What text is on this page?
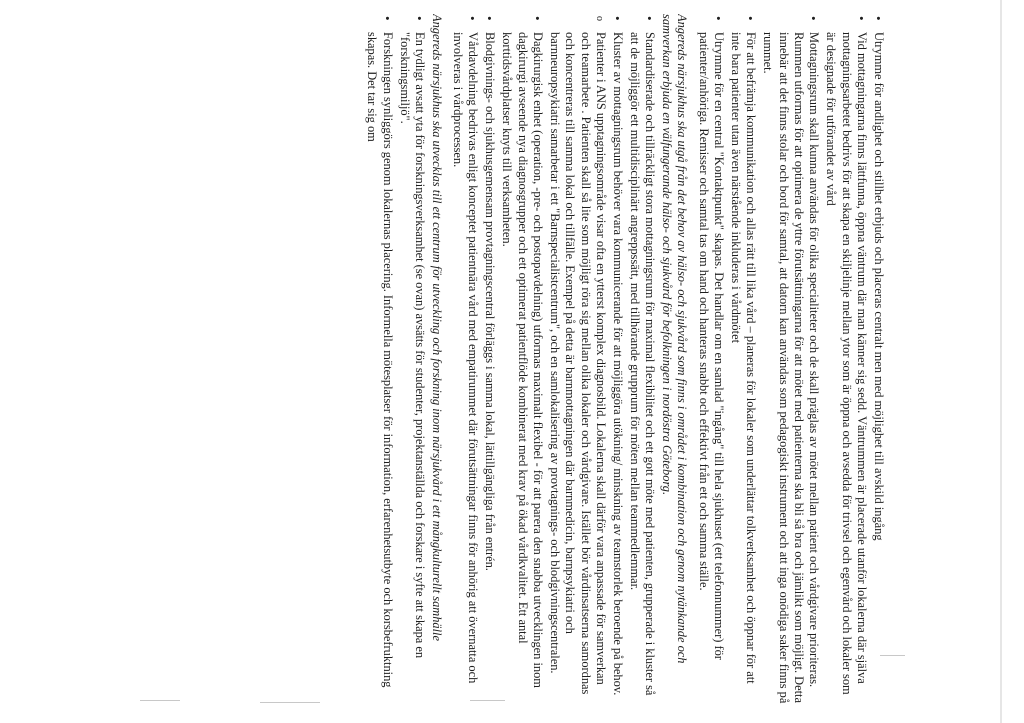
•
Utrymme för andlighet och stillhet erbjuds och placeras centralt men med möjlighet till avskild ingång
•
Vid mottagningarna finns lättfunna, öppna väntrum där man känner sig sedd. Väntrummen är placerade utanför lokalerna där själva mottagningsarbetet bedrivs för att skapa en skiljelinje mellan ytor som är öppna och avsedda för trivsel och egenvård och lokaler som är designade för utförandet av vård
•
Mottagningsrum skall kunna användas för olika specialiteter och de skall präglas av mötet mellan patient och vårdgivare prioriteras. Rummen utformas för att optimera de yttre förutsättningarna för att mötet med patienterna ska bli så bra och jämlikt som möjligt. Detta innebär att det finns stolar och bord för samtal, att datorn kan användas som pedagogiskt instrument och att inga onödiga saker finns på rummet.
•
För att befrämja kommunikation och allas rätt till lika vård – planeras för lokaler som underlättar tolkverksamhet och öppnar för att inte bara patienter utan även närstående inkluderas i vårdmötet
•
Utrymme för en central "Kontaktpunkt" skapas. Det handlar om en samlad "ingång" till hela sjukhuset (ett telefonnummer) för patienter/anhöriga. Remisser och samtal tas om hand och hanteras snabbt och effektivt från ett och samma ställe.

Angereds närsjukhus ska utgå från det behov av hälso- och sjukvård som finns i området i kombination och genom nytänkande och samverkan erbjuda en välfungerande hälso- och sjukvård för befolkningen i nordöstra Göteborg.

•
Standardiserade och tillräckligt stora mottagningsrum för maximal flexibilitet och ett gott möte med patienten, grupperade i kluster så att de möjliggör ett multidisciplinärt angreppssätt, med tillhörande grupprum för möten mellan teammedlemmar.
•
Kluster av mottagningsrum behöver vara kommunicerande för att möjliggöra utökning/ minskning av teamstorlek beroende på behov.
o
Patienter i ANS upptagningsområde visar ofta en ytterst komplex diagnosbild. Lokalerna skall därför vara anpassade för samverkan och teamarbete . Patienten skall så lite som möjligt röra sig mellan olika lokaler och vårdgivare. Istället bör vårdinsatserna samordnas och koncentreras till samma lokal och tillfälle. Exempel på detta är barnmottagningen där barnmedicin, barnpsykiatri och barnneuropsykiatri samarbetar i ett "Barnspecialistcentrum", och en samlokalisering av provtagnings- och blodgivningscentralen.
•
Dagkirurgisk enhet (operation, -pre- och postopavdelning) utformas maximalt flexibel - för att parera den snabba utvecklingen inom dagkirurgi avseende nya diagnosgrupper och ett optimerat patientflöde kombinerat med krav på ökad vårdkvalitet. Ett antal korttidsvårdplatser knyts till verksamheten.
•
Blodgivnings- och sjukhusgemensam provtagningscentral förläggs i samma lokal, lättillgängliga från entrén.
•
Vårdavdelning bedrivas enligt konceptet patientnära vård med empatirummet där förutsättningar finns för anhörig att övernatta och involveras i vårdprocessen.

Angereds närsjukhus ska utvecklas till ett centrum för utveckling och forskning inom närsjukvård i ett mångkulturellt samhälle

•
En tydligt avsatt yta för forskningsverksamhet (se ovan) avsätts för studenter, projektanställda och forskare i syfte att skapa en "forskningsmiljö".
•
Forskningen synliggörs genom lokalernas placering. Informella mötesplatser för information, erfarenhetsutbyte och korsbefruktning skapas. Det tar sig om
